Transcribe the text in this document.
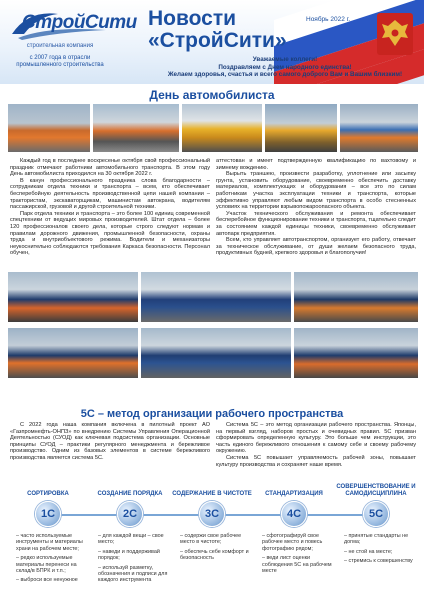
СтройСити
строительная компания
с 2007 года в отрасли промышленного строительства
Новости
«СтройСити»
Ноябрь 2022 г.
Уважаемые коллеги!
Поздравляем с Днем народного единства!
Желаем здоровья, счастья и всего самого доброго Вам и Вашим близким!
День автомобилиста

Каждый год в последнее воскресенье октября свой профессиональный праздник отмечают работники автомобильного транспорта. В этом году День автомобилиста приходился на 30 октября 2022 г.

В канун профессионального праздника слова благодарности – сотрудникам отдела техники и транспорта – всем, кто обеспечивает бесперебойную деятельность производственной цепи нашей компании – трактористам, экскаваторщикам, машинистам автокрана, водителям пассажирской, грузовой и другой строительной техники.

Парк отдела техники и транспорта – это более 100 единиц современной спецтехники от ведущих мировых производителей. Штат отдела – более 120 профессионалов своего дела, которые строго следуют нормам и правилам дорожного движения, промышленной безопасности, охраны труда и внутриобъектового режима. Водители и механизаторы неукоснительно соблюдаются требования Каркаса безопасности. Персонал обучен,

аттестован и имеет подтвержденную квалификацию по вахтовому и зимнему вождению.

Вырыть траншею, произвести разработку, уплотнение или засыпку грунта, установить оборудование, своевременно обеспечить доставку материалов, комплектующих и оборудования – все это по силам работникам участка эксплуатации техники и транспорта, которые эффективно управляют любым видом транспорта в особо стесненных условиях на территории взрывопожароопасного объекта.

Участок технического обслуживания и ремонта обеспечивает бесперебойное функционирование техники и транспорта, тщательно следит за состоянием каждой единицы техники, своевременно обслуживает автопарк предприятия.

Всем, кто управляет автотранспортом, организует его работу, отвечает за техническое обслуживание, от души желаем безопасного труда, продуктивных будней, крепкого здоровья и благополучия!

5С – метод организации рабочего пространства

С 2022 года наша компания включена в пилотный проект АО «Газпромнефть-ОНПЗ» по внедрению Системы Управления Операционной Деятельностью (СУОД) как ключевая подсистема организации. Основные принципы СУОД – практики регулярного менеджмента и бережливое производство. Одним из базовых элементов в системе бережливого производства является система 5С.

Система 5С – это метод организации рабочего пространства. Японцы, на первый взгляд, наборов простых и очевидных правил. 5С призван сформировать определенную культуру. Это больше чем инструкции, это часть единого бережливого отношения к самому себе и своему рабочему окружению.

Система 5С повышает управляемость рабочей зоны, повышает культуру производства и сохраняет наше время.

СОРТИРОВКА
1С
– часто используемые инструменты и материалы храни на рабочем месте;
– редко используемые материалы перенеси на склад/в БПРК и т.п.;
– выброси все ненужное
СОЗДАНИЕ ПОРЯДКА
2С
– для каждой вещи – свое место;
– наведи и поддерживай порядок;
– используй разметку, обозначения и подписи для каждого инструмента
СОДЕРЖАНИЕ В ЧИСТОТЕ
3С
– содержи свое рабочее место в чистоте;
– обеспечь себе комфорт и безопасность
СТАНДАРТИЗАЦИЯ
4С
– сфотографируй свое рабочее место и повесь фотографию рядом;
– веди лист оценки соблюдения 5С на рабочем месте
СОВЕРШЕНСТВОВАНИЕ И САМОДИСЦИПЛИНА
5С
– принятые стандарты не догма;
– не стой на месте;
– стремись к совершенству
